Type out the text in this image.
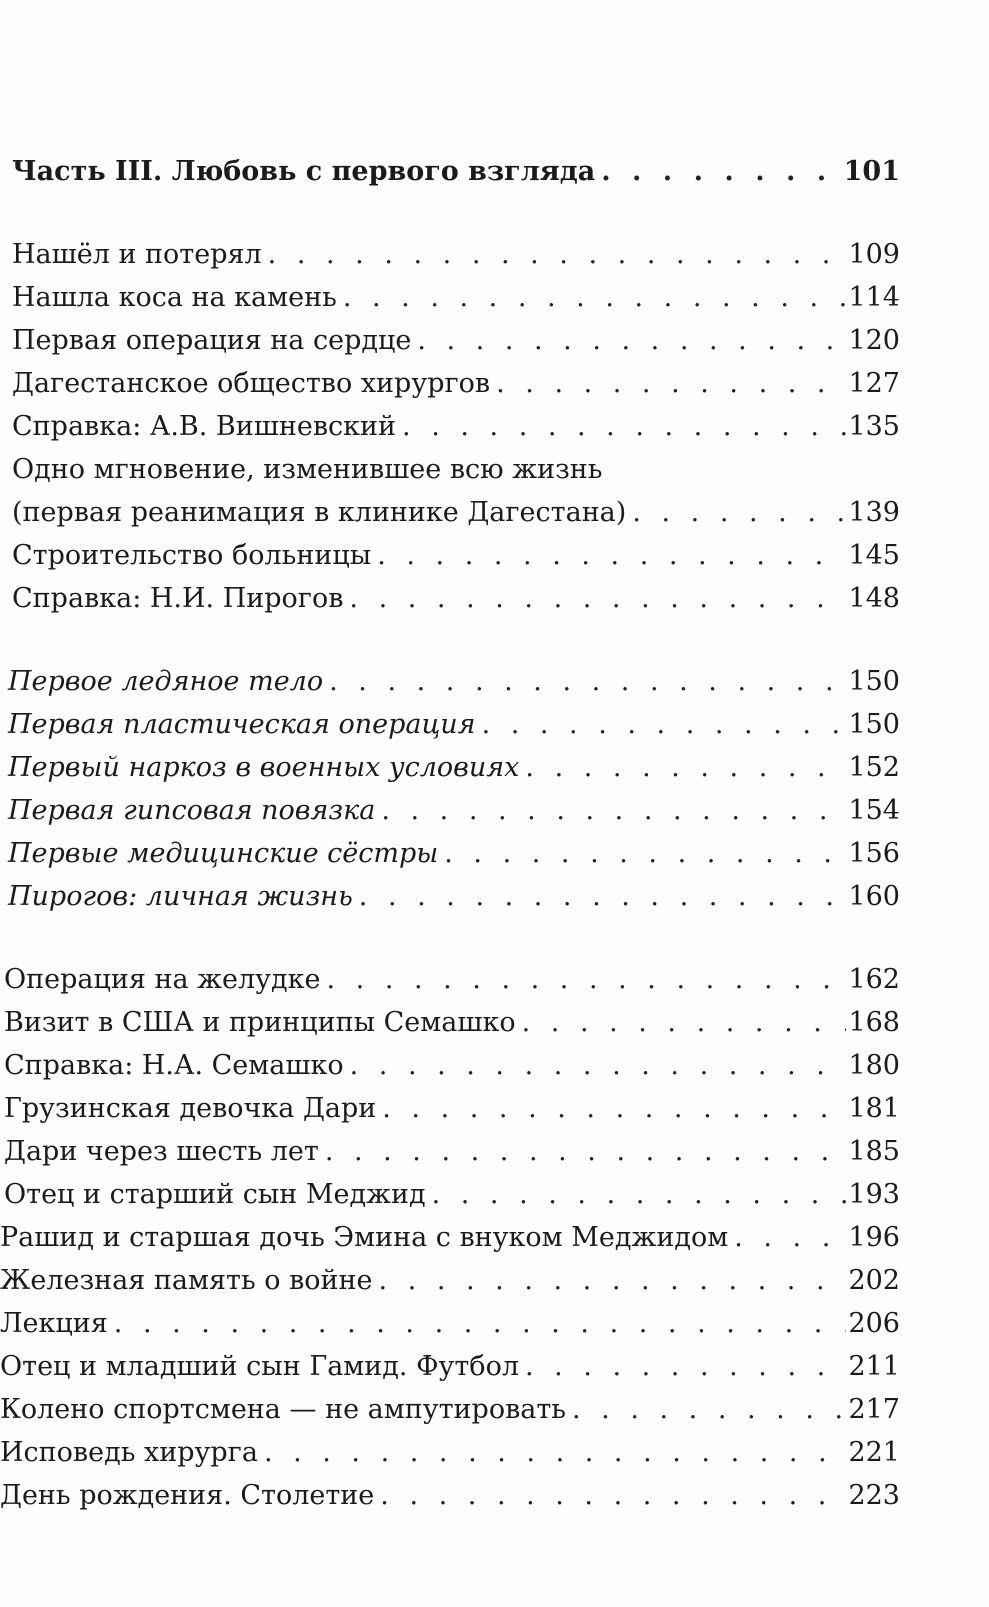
Часть III. Любовь с первого взгляда . . .	101
Нашёл и потерял . . .	109
Нашла коса на камень . . .	114
Первая операция на сердце . . .	120
Дагестанское общество хирургов . . .	127
Справка: А.В. Вишневский . . .	135
Одно мгновение, изменившее всю жизнь
(первая реанимация в клинике Дагестана) . . .	139
Строительство больницы . . .	145
Справка: Н.И. Пирогов . . .	148
Первое ледяное тело . . .	150
Первая пластическая операция . . .	150
Первый наркоз в военных условиях . . .	152
Первая гипсовая повязка . . .	154
Первые медицинские сёстры . . .	156
Пирогов: личная жизнь . . .	160
Операция на желудке . . .	162
Визит в США и принципы Семашко . . .	168
Справка: Н.А. Семашко . . .	180
Грузинская девочка Дари . . .	181
Дари через шесть лет . . .	185
Отец и старший сын Меджид . . .	193
Рашид и старшая дочь Эмина с внуком Меджидом . . .	196
Железная память о войне . . .	202
Лекция . . .	206
Отец и младший сын Гамид. Футбол . . .	211
Колено спортсмена — не ампутировать . . .	217
Исповедь хирурга . . .	221
День рождения. Столетие . . .	223
